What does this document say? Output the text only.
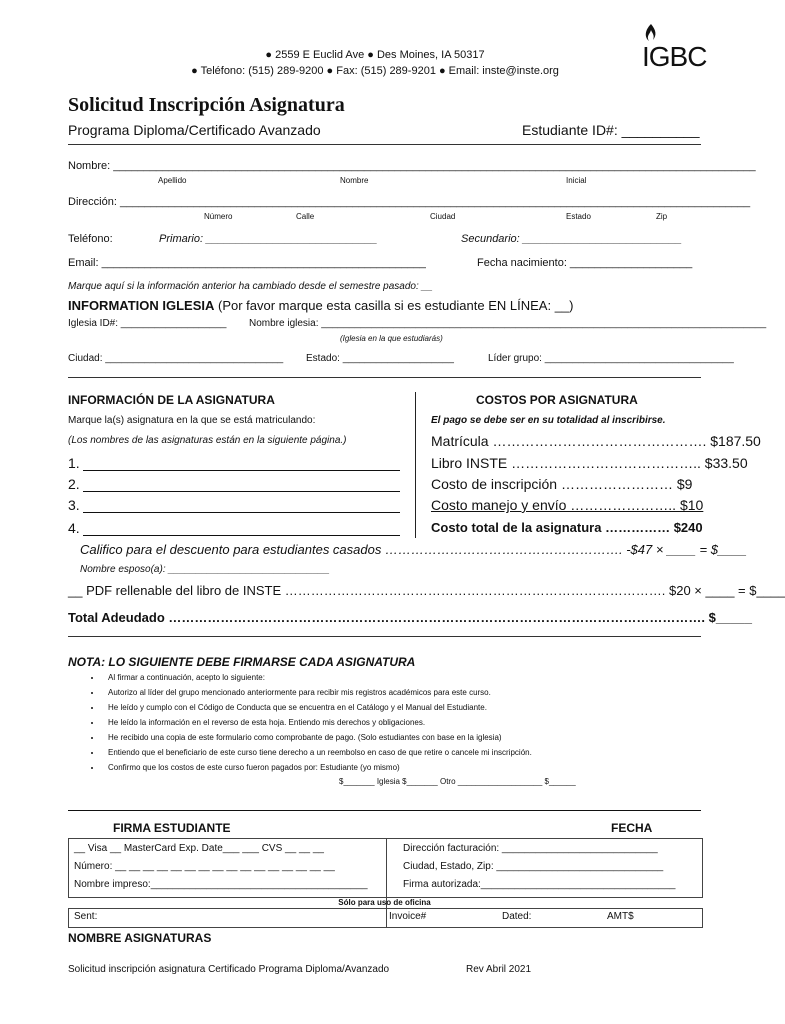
● 2559 E Euclid Ave ● Des Moines, IA 50317
● Teléfono: (515) 289-9200 ● Fax: (515) 289-9201 ● Email: inste@inste.org	IGBC
Solicitud Inscripción Asignatura
Programa Diploma/Certificado Avanzado	Estudiante ID#: __________
Nombre: _________________________________________________________________________________________________________
Apellido	Nombre	Inicial
Dirección: _______________________________________________________________________________________________________
Número	Calle	Ciudad	Estado	Zip
Teléfono:	Primario: ____________________________	Secundario: __________________________
Email: _____________________________________________________	Fecha nacimiento: ____________________
Marque aquí si la información anterior ha cambiado desde el semestre pasado: __
INFORMATION IGLESIA (Por favor marque esta casilla si es estudiante EN LÍNEA: __)
Iglesia ID#: ___________________ Nombre iglesia: ________________________________________________________________________________
(Iglesia en la que estudiarás)
Ciudad: ________________________________ Estado: ____________________	Líder grupo: __________________________________
INFORMACIÓN DE LA ASIGNATURA
Marque la(s) asignatura en la que se está matriculando:
(Los nombres de las asignaturas están en la siguiente página.)
1.
2.
3.
4.
COSTOS POR ASIGNATURA
El pago se debe ser en su totalidad al inscribirse.
Matrícula ………………………………………. $187.50
Libro INSTE ………………………………….. $33.50
Costo de inscripción …………………… $9
Costo manejo y envío ………………….. $10
Costo total de la asignatura …………… $240
Califico para el descuento para estudiantes casados ………………………………………………. -$47 × ____ = $____
Nombre esposo(a): _____________________________
__ PDF rellenable del libro de INSTE ……………………………………………………………………………. $20 × ____ = $____
Total Adeudado ……………………………………………………………………………………………………………. $_____
NOTA: LO SIGUIENTE DEBE FIRMARSE CADA ASIGNATURA
• Al firmar a continuación, acepto lo siguiente:
• Autorizo al líder del grupo mencionado anteriormente para recibir mis registros académicos para este curso.
• He leído y cumplo con el Código de Conducta que se encuentra en el Catálogo y el Manual del Estudiante.
• He leído la información en el reverso de esta hoja. Entiendo mis derechos y obligaciones.
• He recibido una copia de este formulario como comprobante de pago. (Solo estudiantes con base en la iglesia)
• Entiendo que el beneficiario de este curso tiene derecho a un reembolso en caso de que retire o cancele mi inscripción.
• Confirmo que los costos de este curso fueron pagados por: Estudiante (yo mismo)
$_______ Iglesia $_______ Otro ___________________ $______
FIRMA ESTUDIANTE	FECHA
__ Visa __ MasterCard Exp. Date___ ___ CVS __ __ __
Número: __ __ __ __ __ __ __ __ __ __ __ __ __ __ __ __
Nombre impreso:_______________________________________
Dirección facturación: ____________________________
Ciudad, Estado, Zip: ______________________________
Firma autorizada:___________________________________
Sólo para uso de oficina
Sent:	Invoice#	Dated:	AMT$
NOMBRE ASIGNATURAS
Solicitud inscripción asignatura Certificado Programa Diploma/Avanzado	Rev Abril 2021
